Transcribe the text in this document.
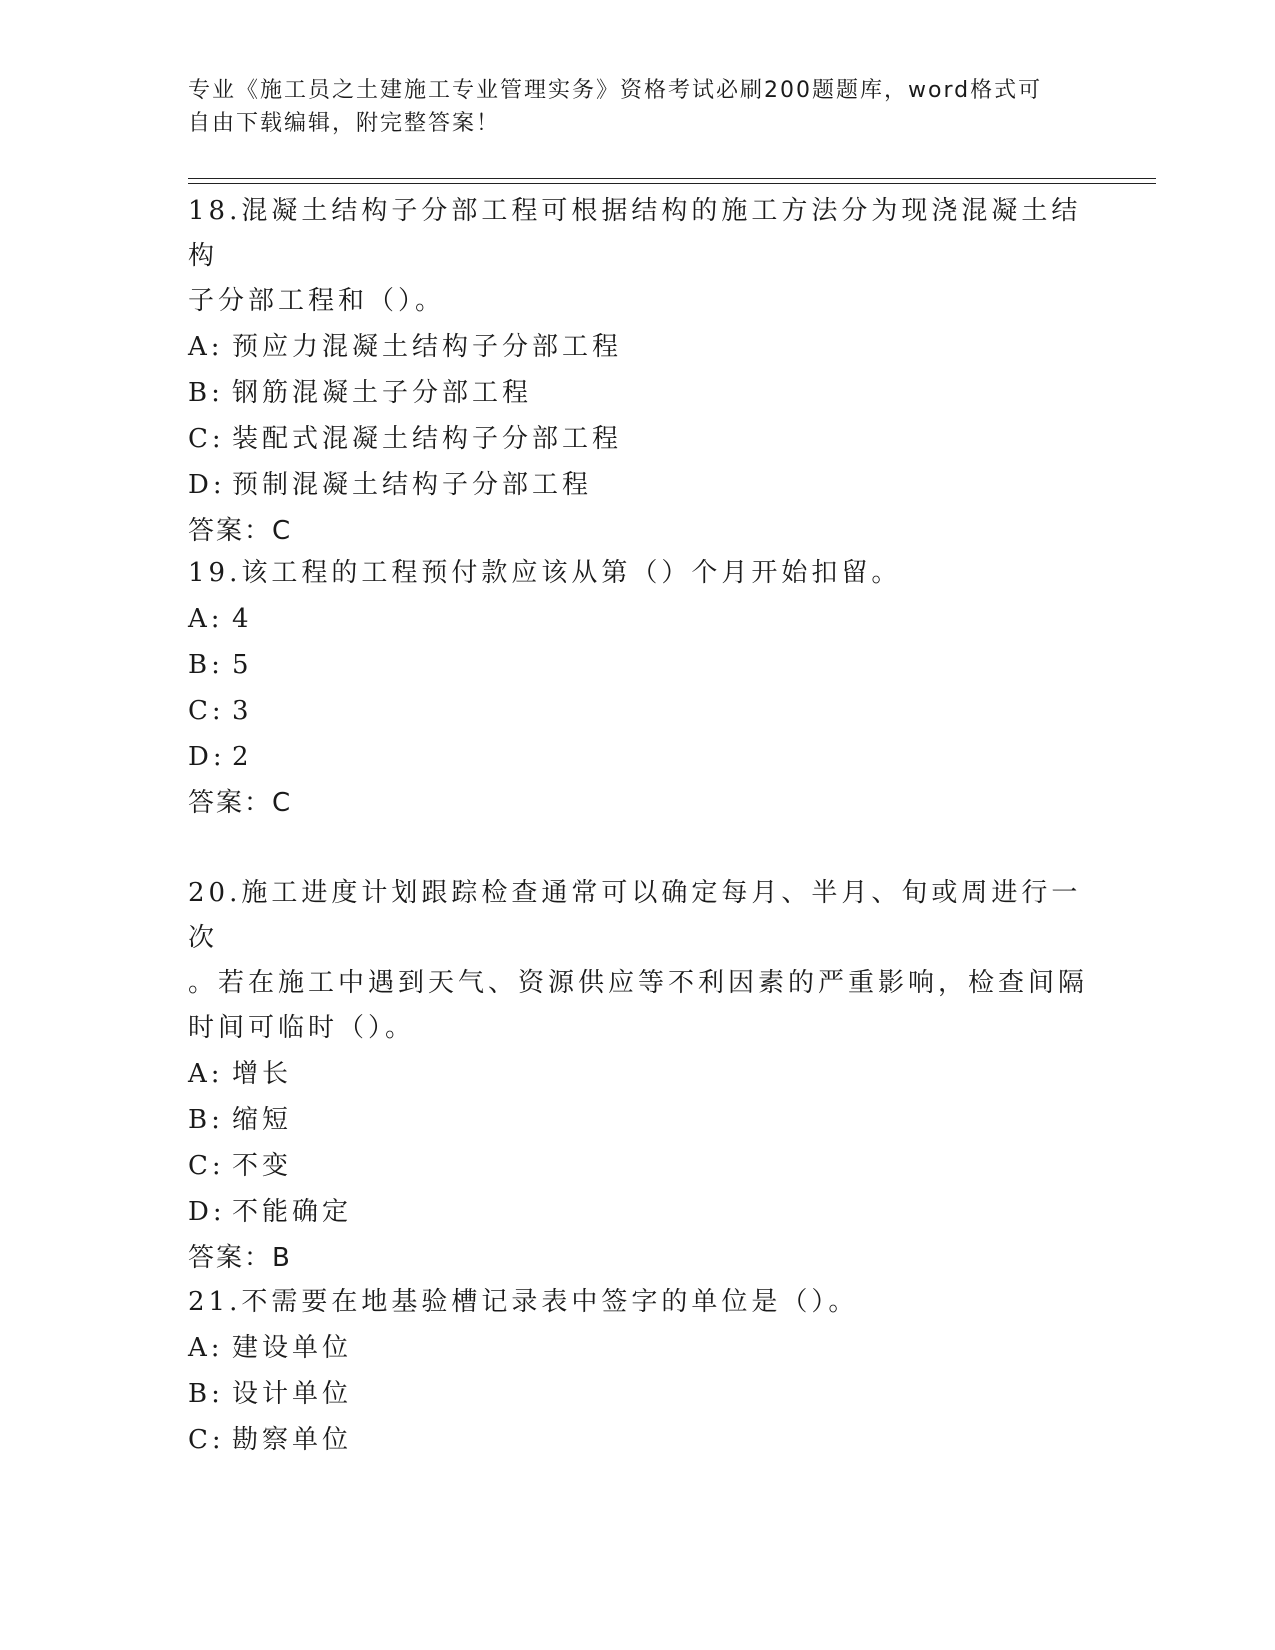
专业《施工员之土建施工专业管理实务》资格考试必刷200题题库，word格式可
自由下载编辑，附完整答案！
18.混凝土结构子分部工程可根据结构的施工方法分为现浇混凝土结构
子分部工程和（）。
A: 预应力混凝土结构子分部工程
B: 钢筋混凝土子分部工程
C: 装配式混凝土结构子分部工程
D: 预制混凝土结构子分部工程
答案：C
19.该工程的工程预付款应该从第（）个月开始扣留。
A: 4
B: 5
C: 3
D: 2
答案：C
20.施工进度计划跟踪检查通常可以确定每月、半月、旬或周进行一次
。若在施工中遇到天气、资源供应等不利因素的严重影响，检查间隔
时间可临时（）。
A: 增长
B: 缩短
C: 不变
D: 不能确定
答案：B
21.不需要在地基验槽记录表中签字的单位是（）。
A: 建设单位
B: 设计单位
C: 勘察单位
